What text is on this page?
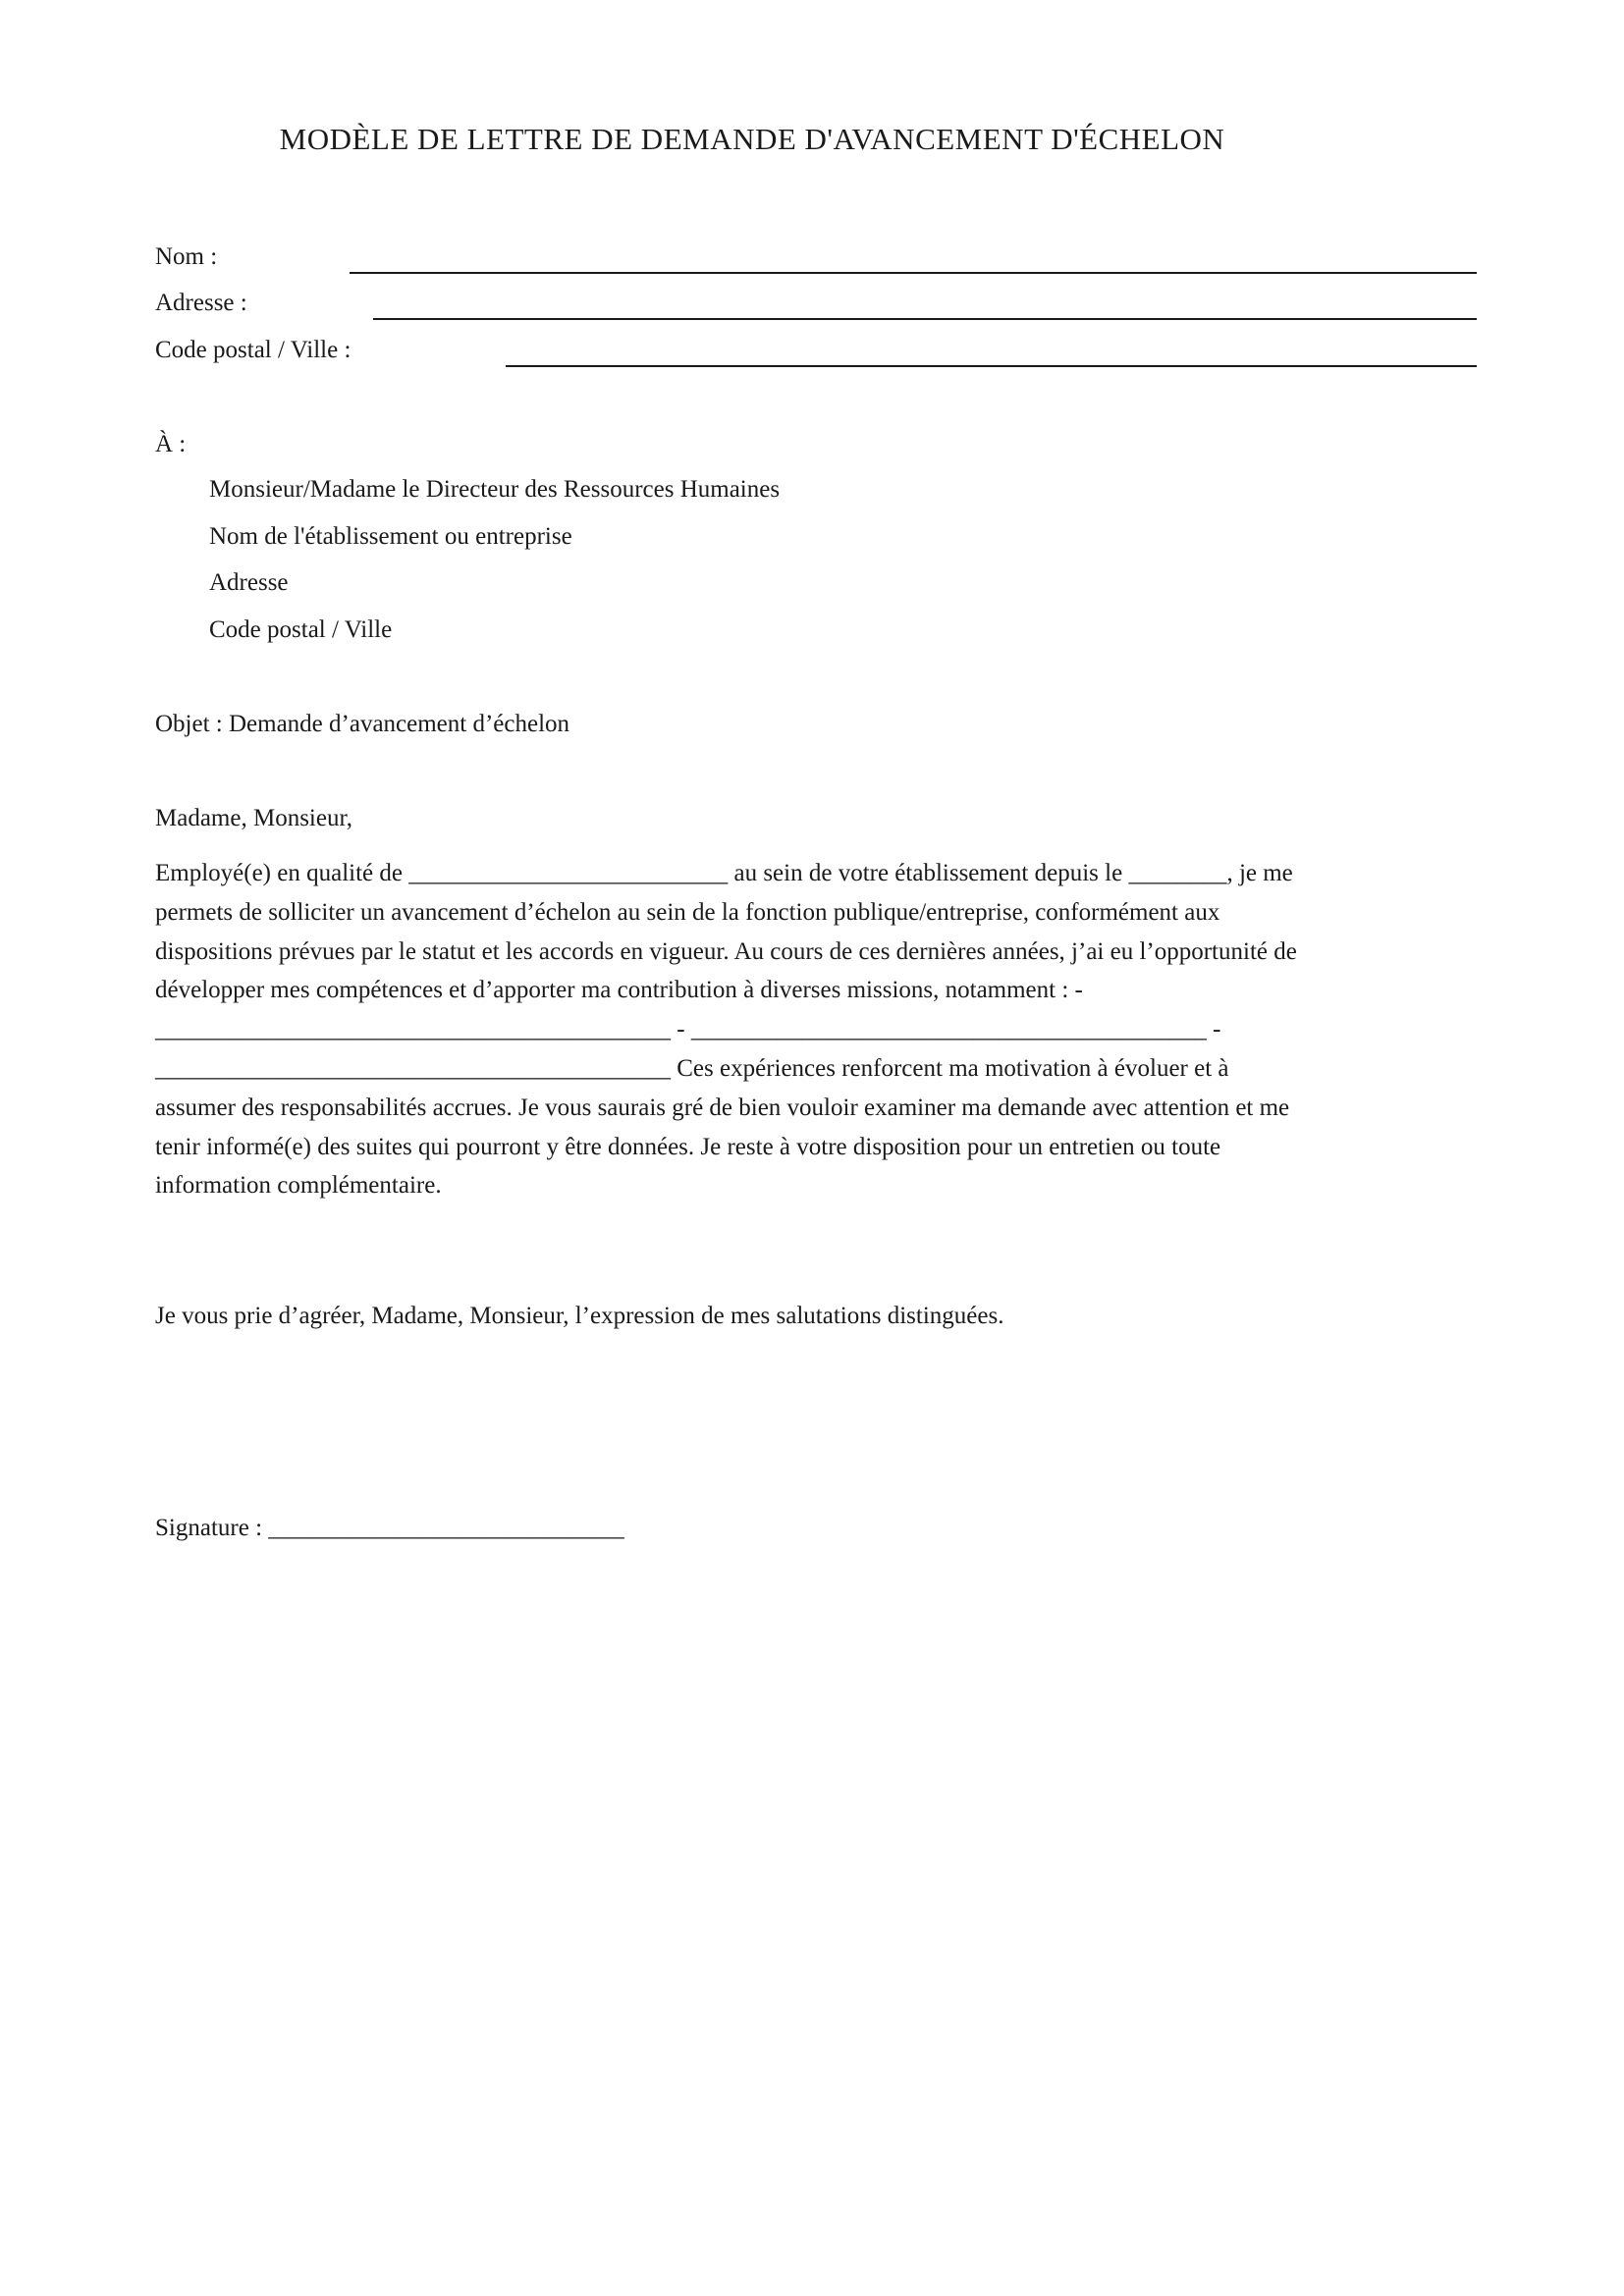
MODÈLE DE LETTRE DE DEMANDE D'AVANCEMENT D'ÉCHELON
Nom :
Adresse :
Code postal / Ville :

À :

Monsieur/Madame le Directeur des Ressources Humaines

Nom de l'établissement ou entreprise

Adresse

Code postal / Ville

Objet : Demande d’avancement d’échelon

Madame, Monsieur,

Employé(e) en qualité de __________________________ au sein de votre établissement depuis le ________, je me
permets de solliciter un avancement d’échelon au sein de la fonction publique/entreprise, conformément aux
dispositions prévues par le statut et les accords en vigueur. Au cours de ces dernières années, j’ai eu l’opportunité de
développer mes compétences et d’apporter ma contribution à diverses missions, notamment : -
__________________________________________ - __________________________________________ -
__________________________________________ Ces expériences renforcent ma motivation à évoluer et à
assumer des responsabilités accrues. Je vous saurais gré de bien vouloir examiner ma demande avec attention et me
tenir informé(e) des suites qui pourront y être données. Je reste à votre disposition pour un entretien ou toute
information complémentaire.

Je vous prie d’agréer, Madame, Monsieur, l’expression de mes salutations distinguées.

Signature : _____________________________
